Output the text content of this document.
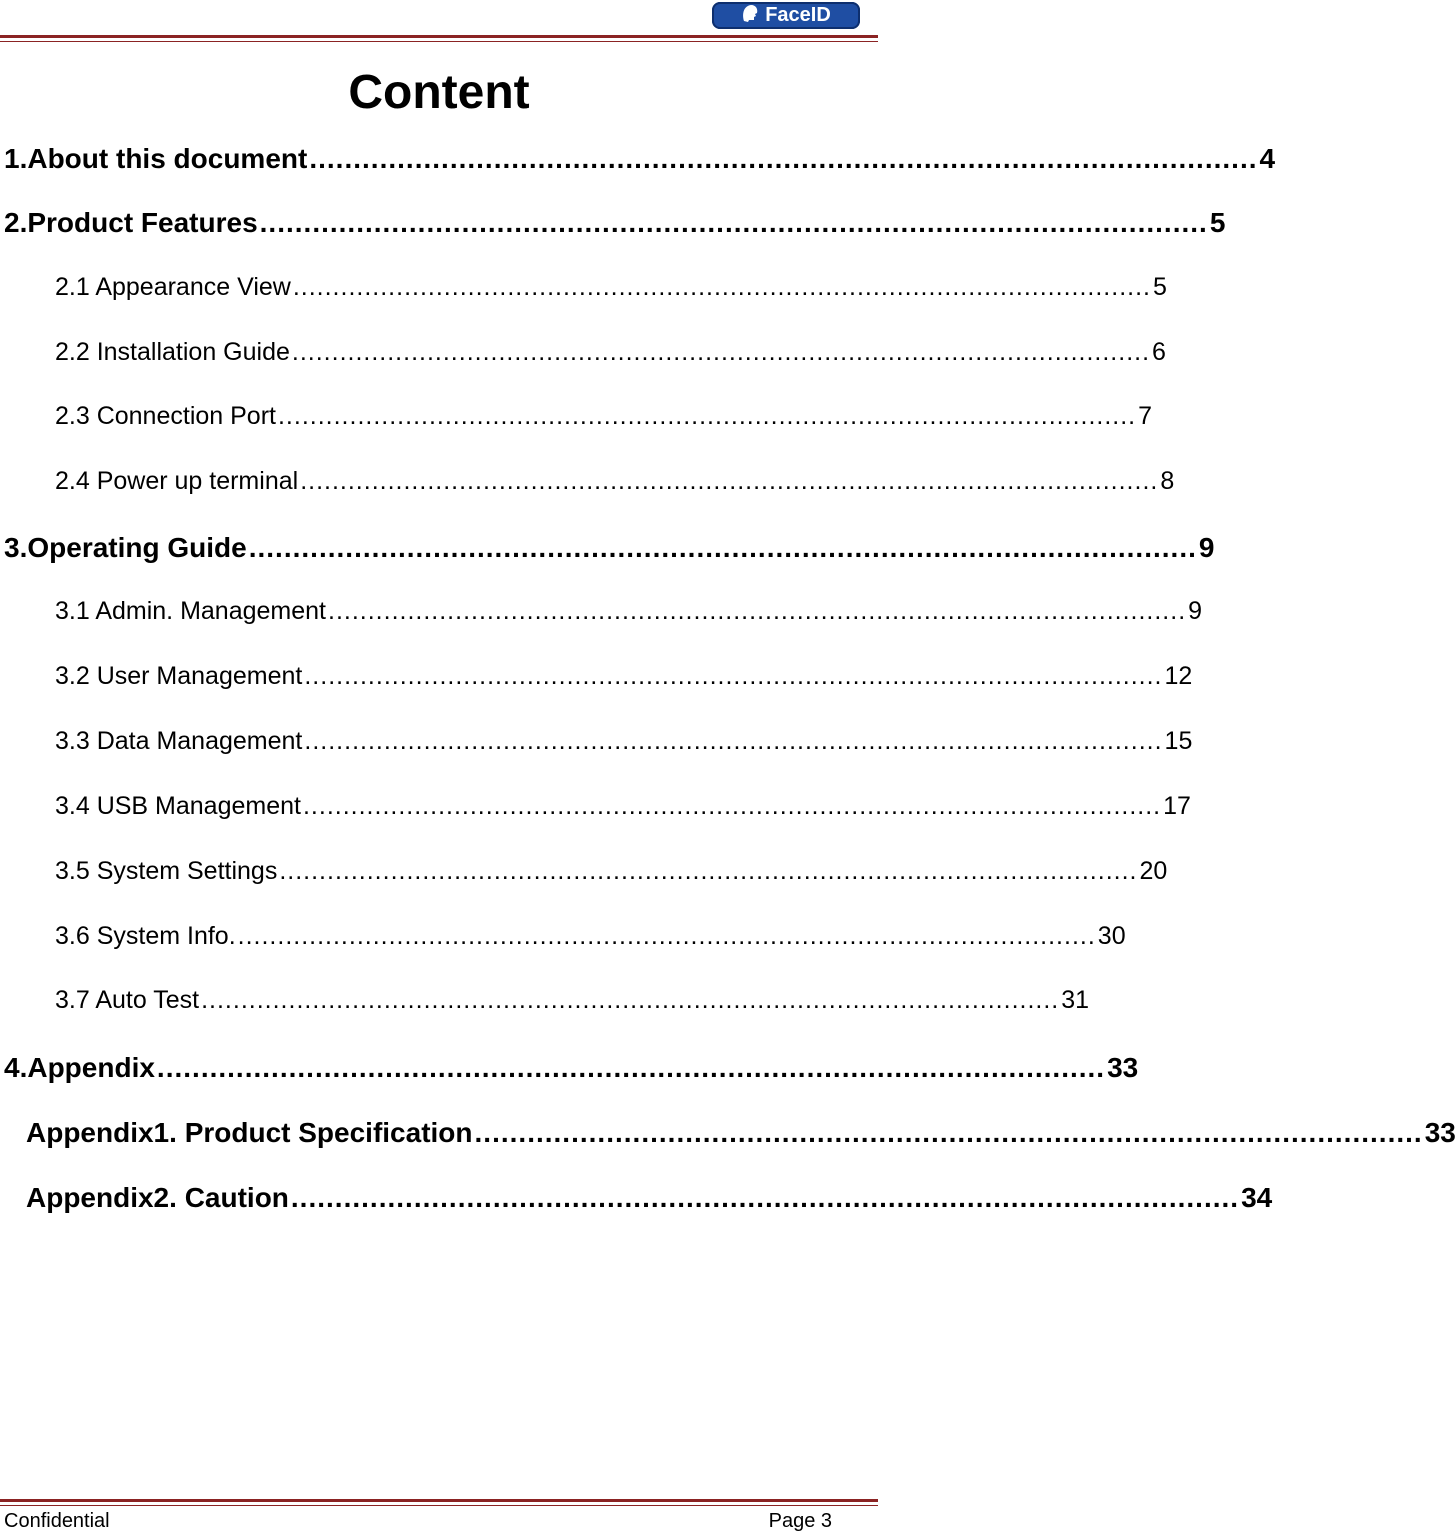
FaceID
Content
1. About this document ............................................................................................................ 4
2. Product Features ............................................................................................................ 5
2.1 Appearance View ............................................................................................................ 5
2.2 Installation Guide ............................................................................................................ 6
2.3 Connection Port ............................................................................................................ 7
2.4 Power up terminal ............................................................................................................ 8
3. Operating Guide ............................................................................................................ 9
3.1 Admin. Management ............................................................................................................ 9
3.2 User Management ............................................................................................................ 12
3.3 Data Management ............................................................................................................ 15
3.4 USB Management ............................................................................................................ 17
3.5 System Settings ............................................................................................................ 20
3.6 System Info. ............................................................................................................ 30
3.7 Auto Test ............................................................................................................ 31
4. Appendix ............................................................................................................ 33
Appendix1. Product Specification ............................................................................................................ 33
Appendix2. Caution ............................................................................................................ 34
Confidential	Page 3
